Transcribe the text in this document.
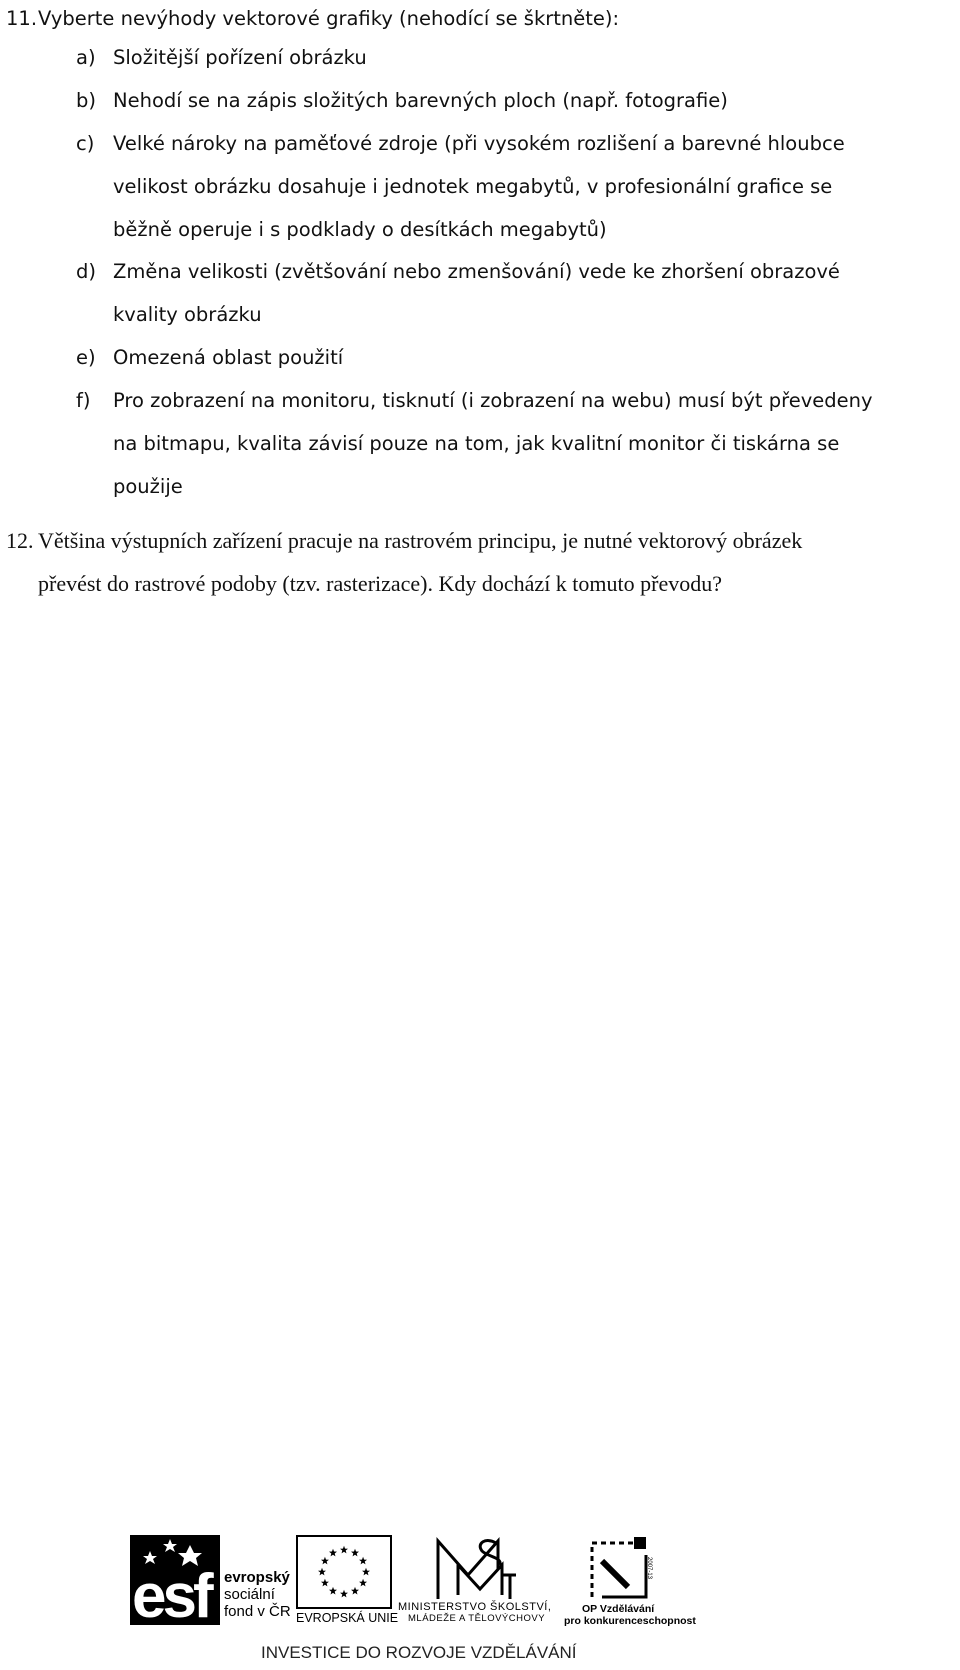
11. Vyberte nevýhody vektorové grafiky (nehodící se škrtněte):
a) Složitější pořízení obrázku
b) Nehodí se na zápis složitých barevných ploch (např. fotografie)
c) Velké nároky na paměťové zdroje (při vysokém rozlišení a barevné hloubce
velikost obrázku dosahuje i jednotek megabytů, v profesionální grafice se
běžně operuje i s podklady o desítkách megabytů)
d) Změna velikosti (zvětšování nebo zmenšování) vede ke zhoršení obrazové
kvality obrázku
e) Omezená oblast použití
f) Pro zobrazení na monitoru, tisknutí (i zobrazení na webu) musí být převedeny
na bitmapu, kvalita závisí pouze na tom, jak kvalitní monitor či tiskárna se
použije
12. Většina výstupních zařízení pracuje na rastrovém principu, je nutné vektorový obrázek
převést do rastrové podoby (tzv. rasterizace). Kdy dochází k tomuto převodu?
esf evropský
sociální
fond v ČR EVROPSKÁ UNIE
MINISTERSTVO ŠKOLSTVÍ,
MLÁDEŽE A TĚLOVÝCHOVY
2007-13
OP Vzdělávání
pro konkurenceschopnost
INVESTICE DO ROZVOJE VZDĚLÁVÁNÍ
